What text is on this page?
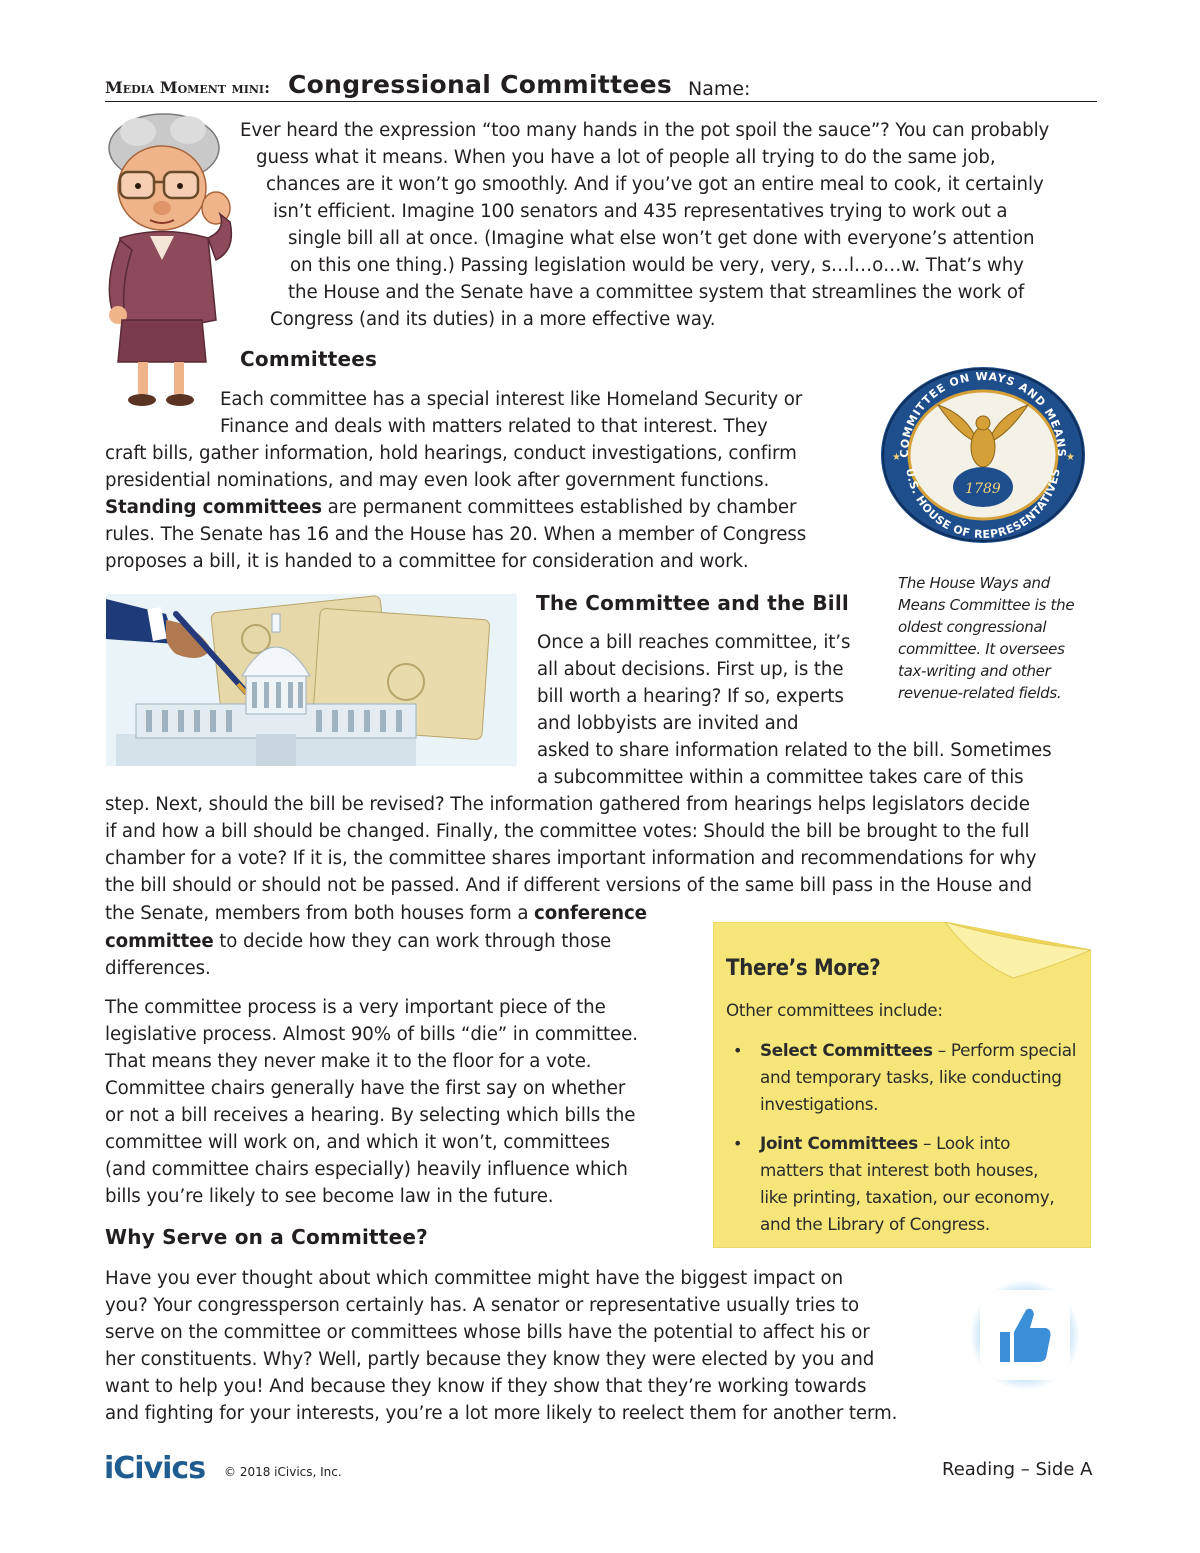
Media Moment mini: Congressional Committees Name:
Ever heard the expression “too many hands in the pot spoil the sauce”? You can probably
guess what it means. When you have a lot of people all trying to do the same job,
chances are it won’t go smoothly. And if you’ve got an entire meal to cook, it certainly
isn’t efficient. Imagine 100 senators and 435 representatives trying to work out a
single bill all at once. (Imagine what else won’t get done with everyone’s attention
on this one thing.) Passing legislation would be very, very, s…l…o…w. That’s why
the House and the Senate have a committee system that streamlines the work of
Congress (and its duties) in a more effective way.
Committees
Each committee has a special interest like Homeland Security or
Finance and deals with matters related to that interest. They
craft bills, gather information, hold hearings, conduct investigations, confirm
presidential nominations, and may even look after government functions.
Standing committees are permanent committees established by chamber
rules. The Senate has 16 and the House has 20. When a member of Congress
proposes a bill, it is handed to a committee for consideration and work.
COMMITTEE ON WAYS AND MEANS
U.S. HOUSE OF REPRESENTATIVES
★	★
1789
The House Ways and
Means Committee is the
oldest congressional
committee. It oversees
tax-writing and other
revenue-related fields.
The Committee and the Bill
Once a bill reaches committee, it’s
all about decisions. First up, is the
bill worth a hearing? If so, experts
and lobbyists are invited and
asked to share information related to the bill. Sometimes
a subcommittee within a committee takes care of this
step. Next, should the bill be revised? The information gathered from hearings helps legislators decide
if and how a bill should be changed. Finally, the committee votes: Should the bill be brought to the full
chamber for a vote? If it is, the committee shares important information and recommendations for why
the bill should or should not be passed. And if different versions of the same bill pass in the House and
the Senate, members from both houses form a conference
committee to decide how they can work through those
differences.
The committee process is a very important piece of the
legislative process. Almost 90% of bills “die” in committee.
That means they never make it to the floor for a vote.
Committee chairs generally have the first say on whether
or not a bill receives a hearing. By selecting which bills the
committee will work on, and which it won’t, committees
(and committee chairs especially) heavily influence which
bills you’re likely to see become law in the future.
There’s More?
Other committees include:
• Select Committees – Perform special
and temporary tasks, like conducting
investigations.
• Joint Committees – Look into
matters that interest both houses,
like printing, taxation, our economy,
and the Library of Congress.
Why Serve on a Committee?
Have you ever thought about which committee might have the biggest impact on
you? Your congressperson certainly has. A senator or representative usually tries to
serve on the committee or committees whose bills have the potential to affect his or
her constituents. Why? Well, partly because they know they were elected by you and
want to help you! And because they know if they show that they’re working towards
and fighting for your interests, you’re a lot more likely to reelect them for another term.
iCivics © 2018 iCivics, Inc.	Reading – Side A
